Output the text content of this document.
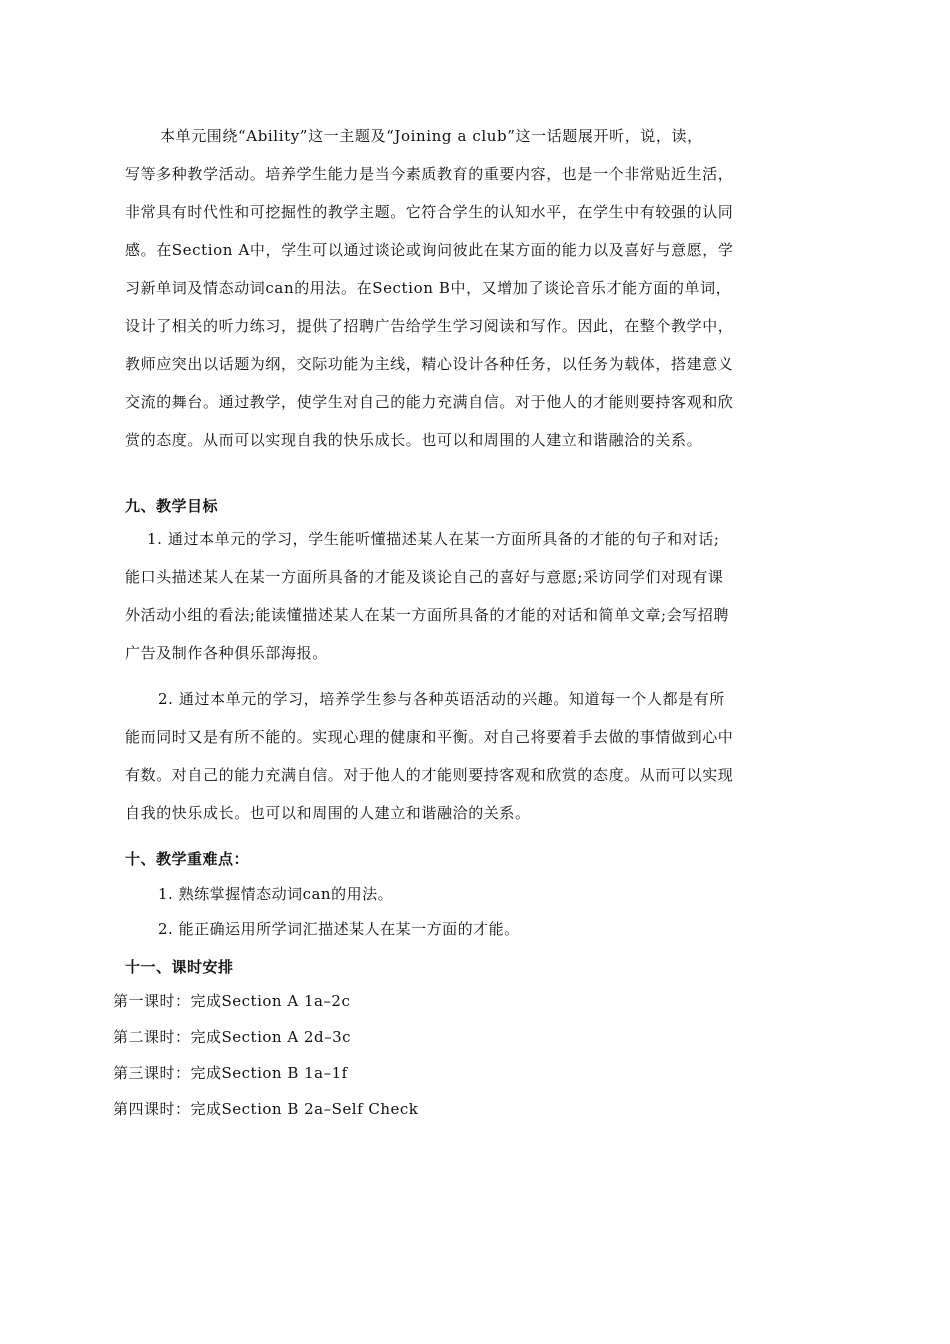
本单元围绕“Ability”这一主题及“Joining a club”这一话题展开听，说，读，
写等多种教学活动。培养学生能力是当今素质教育的重要内容，也是一个非常贴近生活，
非常具有时代性和可挖掘性的教学主题。它符合学生的认知水平，在学生中有较强的认同
感。在Section A中，学生可以通过谈论或询问彼此在某方面的能力以及喜好与意愿，学
习新单词及情态动词can的用法。在Section B中，又增加了谈论音乐才能方面的单词，
设计了相关的听力练习，提供了招聘广告给学生学习阅读和写作。因此，在整个教学中，
教师应突出以话题为纲，交际功能为主线，精心设计各种任务，以任务为载体，搭建意义
交流的舞台。通过教学，使学生对自己的能力充满自信。对于他人的才能则要持客观和欣
赏的态度。从而可以实现自我的快乐成长。也可以和周围的人建立和谐融洽的关系。
九、教学目标
1. 通过本单元的学习，学生能听懂描述某人在某一方面所具备的才能的句子和对话;
能口头描述某人在某一方面所具备的才能及谈论自己的喜好与意愿;采访同学们对现有课
外活动小组的看法;能读懂描述某人在某一方面所具备的才能的对话和简单文章;会写招聘
广告及制作各种俱乐部海报。
2. 通过本单元的学习，培养学生参与各种英语活动的兴趣。知道每一个人都是有所
能而同时又是有所不能的。实现心理的健康和平衡。对自己将要着手去做的事情做到心中
有数。对自己的能力充满自信。对于他人的才能则要持客观和欣赏的态度。从而可以实现
自我的快乐成长。也可以和周围的人建立和谐融洽的关系。
十、教学重难点：
1. 熟练掌握情态动词can的用法。
2. 能正确运用所学词汇描述某人在某一方面的才能。
十一、课时安排
第一课时：完成Section A 1a–2c
第二课时：完成Section A 2d–3c
第三课时：完成Section B 1a–1f
第四课时：完成Section B 2a–Self Check
